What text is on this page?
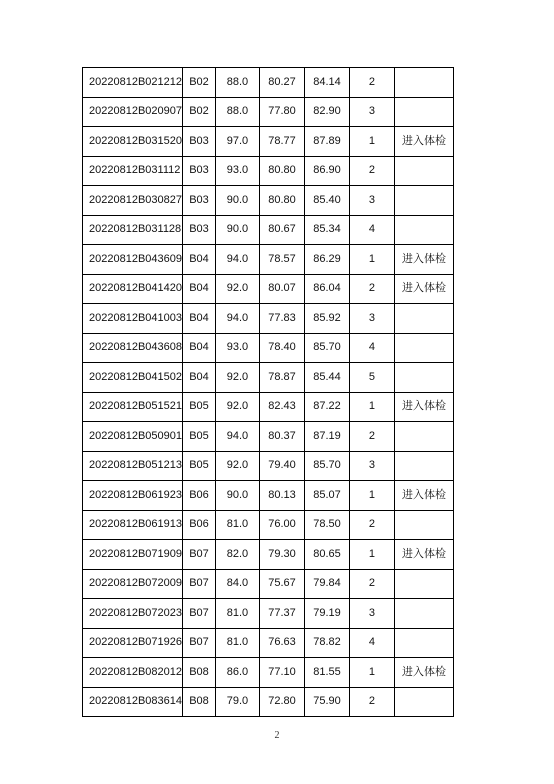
20220812B021212	B02	88.0	80.27	84.14	2	
20220812B020907	B02	88.0	77.80	82.90	3	
20220812B031520	B03	97.0	78.77	87.89	1	进入体检
20220812B031112	B03	93.0	80.80	86.90	2	
20220812B030827	B03	90.0	80.80	85.40	3	
20220812B031128	B03	90.0	80.67	85.34	4	
20220812B043609	B04	94.0	78.57	86.29	1	进入体检
20220812B041420	B04	92.0	80.07	86.04	2	进入体检
20220812B041003	B04	94.0	77.83	85.92	3	
20220812B043608	B04	93.0	78.40	85.70	4	
20220812B041502	B04	92.0	78.87	85.44	5	
20220812B051521	B05	92.0	82.43	87.22	1	进入体检
20220812B050901	B05	94.0	80.37	87.19	2	
20220812B051213	B05	92.0	79.40	85.70	3	
20220812B061923	B06	90.0	80.13	85.07	1	进入体检
20220812B061913	B06	81.0	76.00	78.50	2	
20220812B071909	B07	82.0	79.30	80.65	1	进入体检
20220812B072009	B07	84.0	75.67	79.84	2	
20220812B072023	B07	81.0	77.37	79.19	3	
20220812B071926	B07	81.0	76.63	78.82	4	
20220812B082012	B08	86.0	77.10	81.55	1	进入体检
20220812B083614	B08	79.0	72.80	75.90	2	
2
